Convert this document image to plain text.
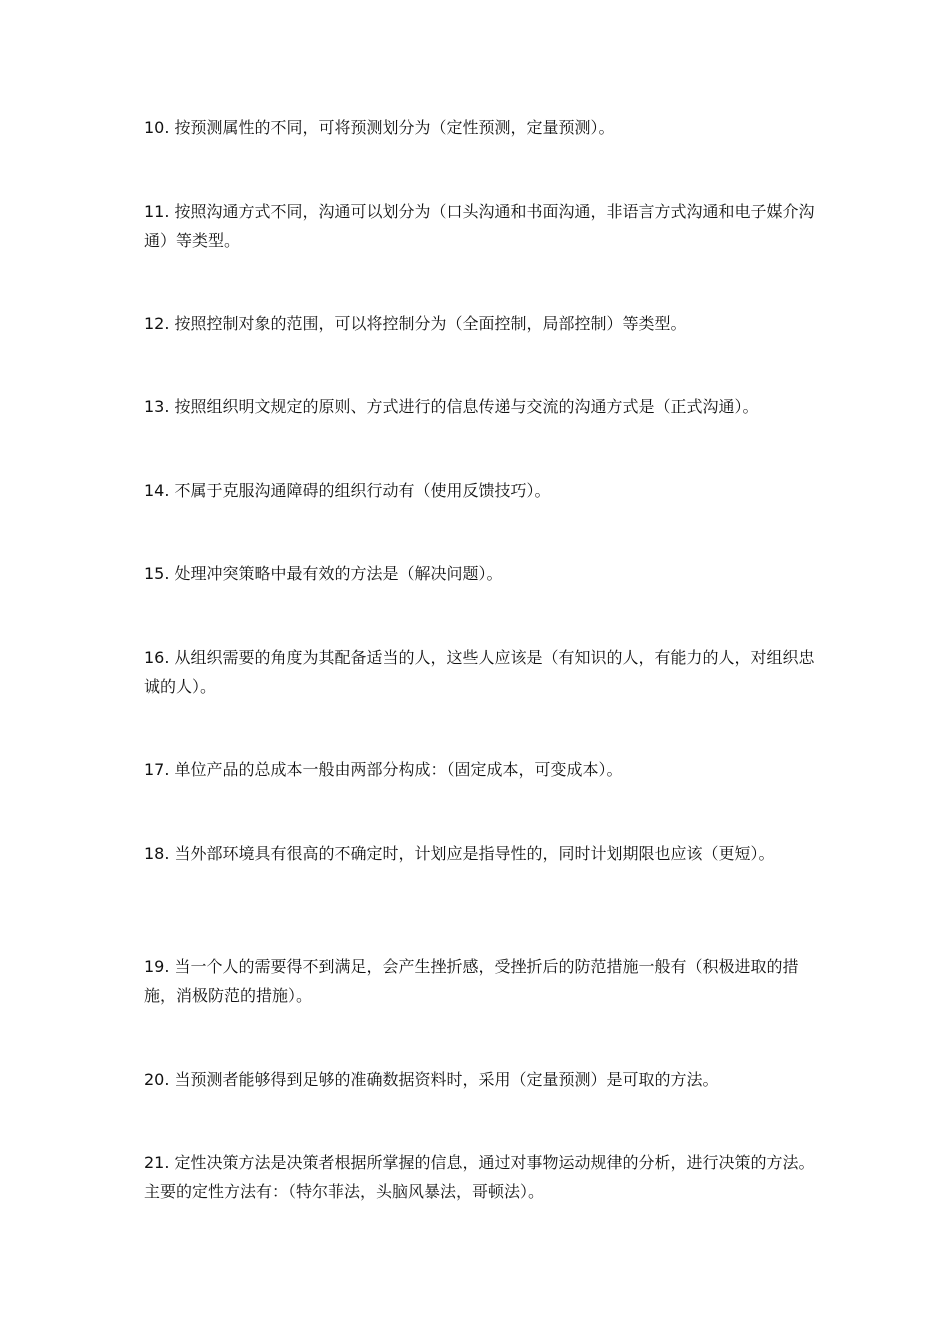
10. 按预测属性的不同，可将预测划分为（定性预测，定量预测）。

11. 按照沟通方式不同，沟通可以划分为（口头沟通和书面沟通，非语言方式沟通和电子媒介沟通）等类型。

12. 按照控制对象的范围，可以将控制分为（全面控制，局部控制）等类型。

13. 按照组织明文规定的原则、方式进行的信息传递与交流的沟通方式是（正式沟通）。

14. 不属于克服沟通障碍的组织行动有（使用反馈技巧）。

15. 处理冲突策略中最有效的方法是（解决问题）。

16. 从组织需要的角度为其配备适当的人，这些人应该是（有知识的人，有能力的人，对组织忠诚的人）。

17. 单位产品的总成本一般由两部分构成：（固定成本，可变成本）。

18. 当外部环境具有很高的不确定时，计划应是指导性的，同时计划期限也应该（更短）。

19. 当一个人的需要得不到满足，会产生挫折感，受挫折后的防范措施一般有（积极进取的措施，消极防范的措施）。

20. 当预测者能够得到足够的准确数据资料时，采用（定量预测）是可取的方法。

21. 定性决策方法是决策者根据所掌握的信息，通过对事物运动规律的分析，进行决策的方法。主要的定性方法有：（特尔菲法，头脑风暴法，哥顿法）。
